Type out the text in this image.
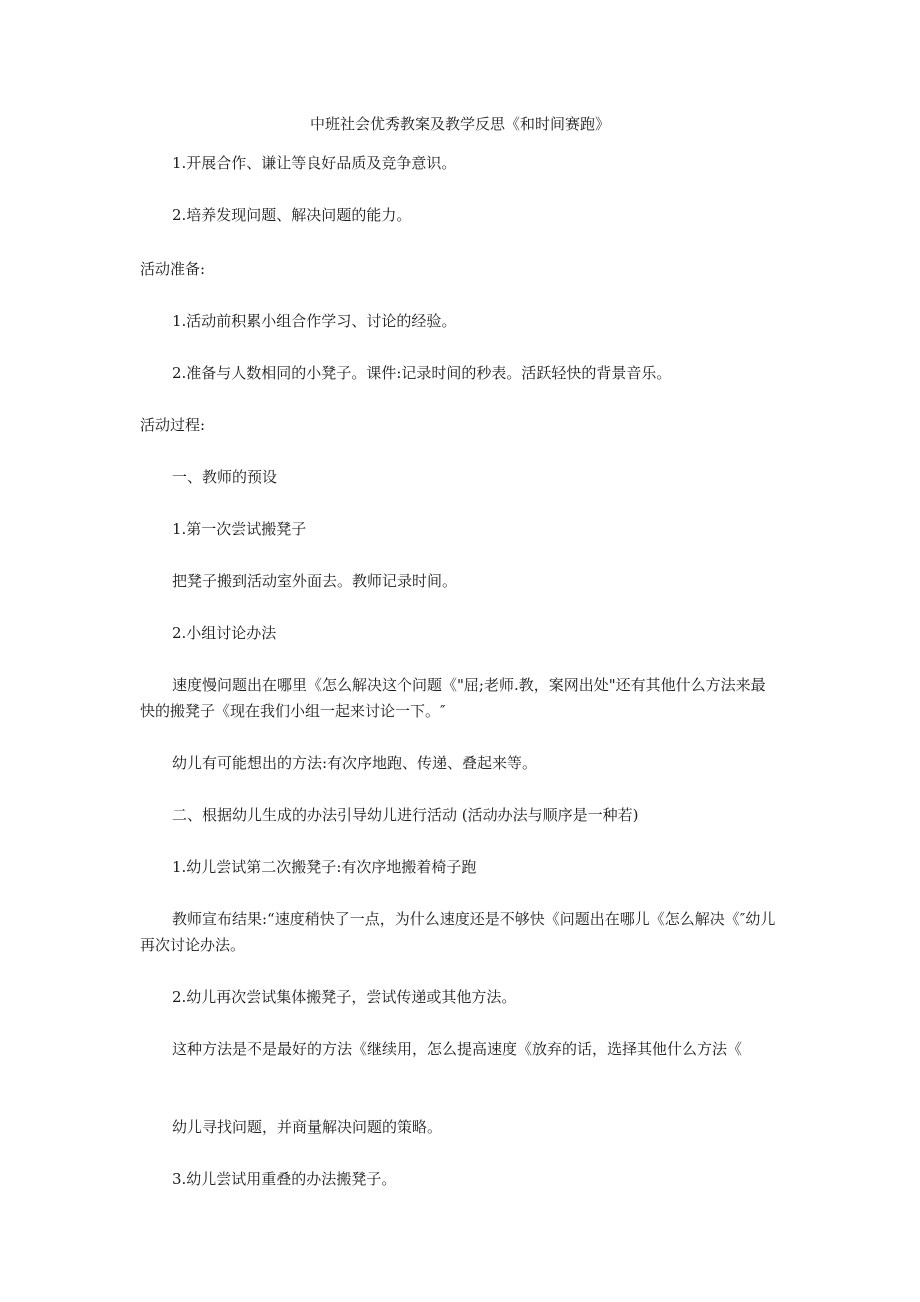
中班社会优秀教案及教学反思《和时间赛跑》

1.开展合作、谦让等良好品质及竞争意识。

2.培养发现问题、解决问题的能力。

活动准备:

1.活动前积累小组合作学习、讨论的经验。

2.准备与人数相同的小凳子。课件:记录时间的秒表。活跃轻快的背景音乐。

活动过程:

一、教师的预设

1.第一次尝试搬凳子

把凳子搬到活动室外面去。教师记录时间。

2.小组讨论办法

速度慢问题出在哪里《怎么解决这个问题《"屈;老师.教，案网出处"还有其他什么方法来最快的搬凳子《现在我们小组一起来讨论一下。″

幼儿有可能想出的方法:有次序地跑、传递、叠起来等。

二、根据幼儿生成的办法引导幼儿进行活动 (活动办法与顺序是一种若)

1.幼儿尝试第二次搬凳子:有次序地搬着椅子跑

教师宣布结果:“速度稍快了一点，为什么速度还是不够快《问题出在哪儿《怎么解决《″幼儿再次讨论办法。

2.幼儿再次尝试集体搬凳子，尝试传递或其他方法。

这种方法是不是最好的方法《继续用，怎么提高速度《放弃的话，选择其他什么方法《

幼儿寻找问题，并商量解决问题的策略。

3.幼儿尝试用重叠的办法搬凳子。
